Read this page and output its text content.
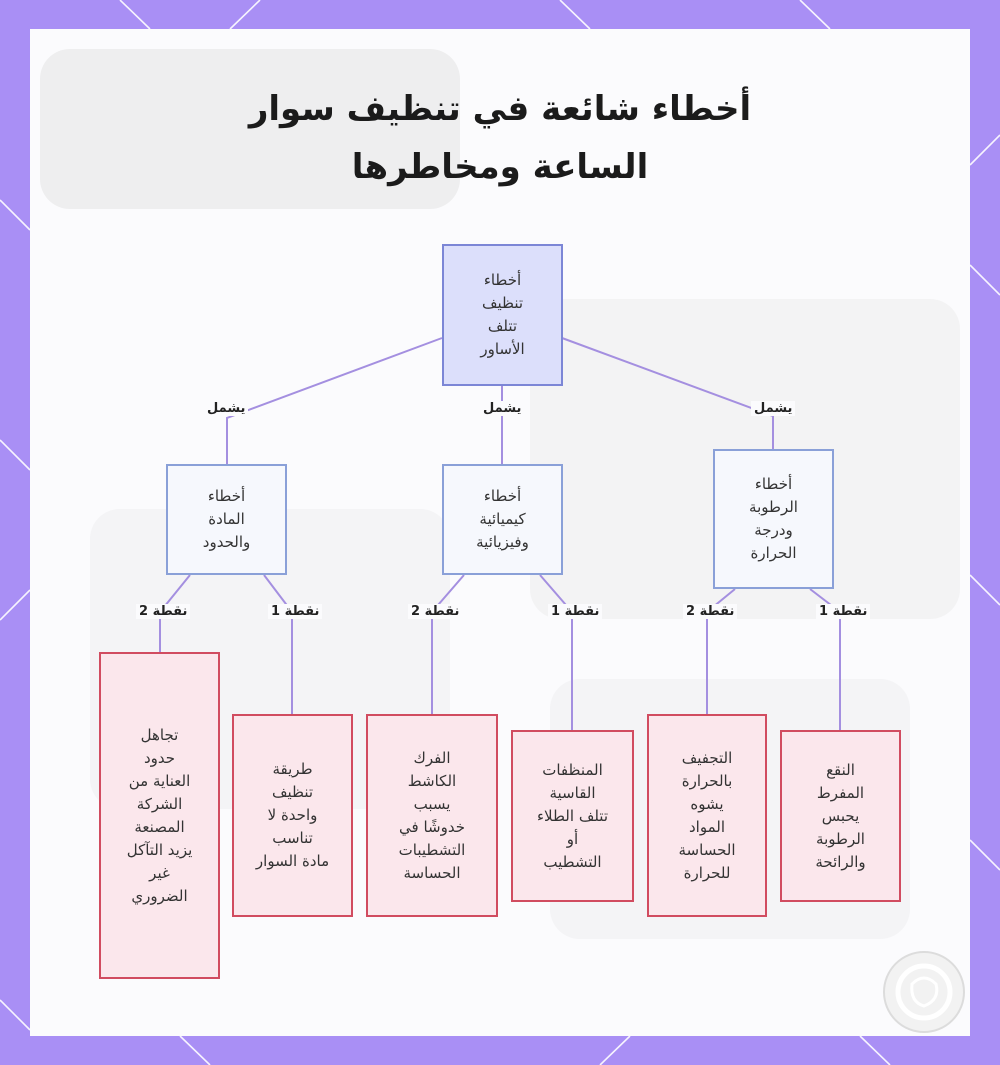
أخطاء شائعة في تنظيف سوار
الساعة ومخاطرها
أخطاء
تنظيف
تتلف
الأساور
يشمل	يشمل	يشمل
أخطاء
المادة
والحدود
أخطاء
كيميائية
وفيزيائية
أخطاء
الرطوبة
ودرجة
الحرارة
نقطة 2	نقطة 1	نقطة 2	نقطة 1	نقطة 2	نقطة 1
تجاهل
حدود
العناية من
الشركة
المصنعة
يزيد التآكل
غير
الضروري
طريقة
تنظيف
واحدة لا
تناسب
مادة السوار
الفرك
الكاشط
يسبب
خدوشًا في
التشطيبات
الحساسة
المنظفات
القاسية
تتلف الطلاء
أو
التشطيب
التجفيف
بالحرارة
يشوه
المواد
الحساسة
للحرارة
النقع
المفرط
يحبس
الرطوبة
والرائحة
